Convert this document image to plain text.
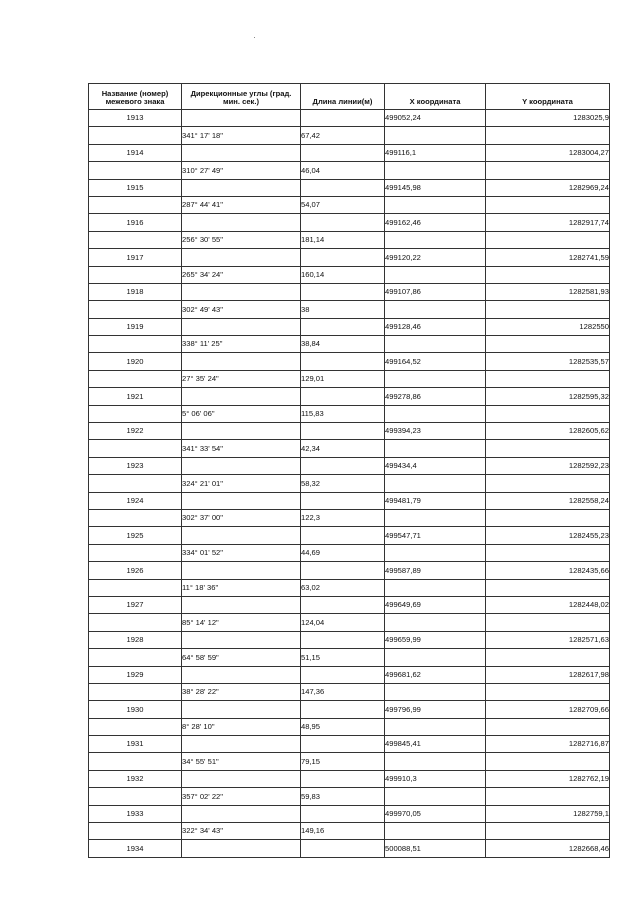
Название (номер) межевого знака	Дирекционные углы (град. мин. сек.)	Длина линии(м)	X координата	Y координата
1913			499052,24	1283025,9
	341° 17' 18"	67,42		
1914			499116,1	1283004,27
	310° 27' 49"	46,04		
1915			499145,98	1282969,24
	287° 44' 41"	54,07		
1916			499162,46	1282917,74
	256° 30' 55"	181,14		
1917			499120,22	1282741,59
	265° 34' 24"	160,14		
1918			499107,86	1282581,93
	302° 49' 43"	38		
1919			499128,46	1282550
	338° 11' 25"	38,84		
1920			499164,52	1282535,57
	27° 35' 24"	129,01		
1921			499278,86	1282595,32
	5° 06' 06"	115,83		
1922			499394,23	1282605,62
	341° 33' 54"	42,34		
1923			499434,4	1282592,23
	324° 21' 01"	58,32		
1924			499481,79	1282558,24
	302° 37' 00"	122,3		
1925			499547,71	1282455,23
	334° 01' 52"	44,69		
1926			499587,89	1282435,66
	11° 18' 36"	63,02		
1927			499649,69	1282448,02
	85° 14' 12"	124,04		
1928			499659,99	1282571,63
	64° 58' 59"	51,15		
1929			499681,62	1282617,98
	38° 28' 22"	147,36		
1930			499796,99	1282709,66
	8° 28' 10"	48,95		
1931			499845,41	1282716,87
	34° 55' 51"	79,15		
1932			499910,3	1282762,19
	357° 02' 22"	59,83		
1933			499970,05	1282759,1
	322° 34' 43"	149,16		
1934			500088,51	1282668,46
